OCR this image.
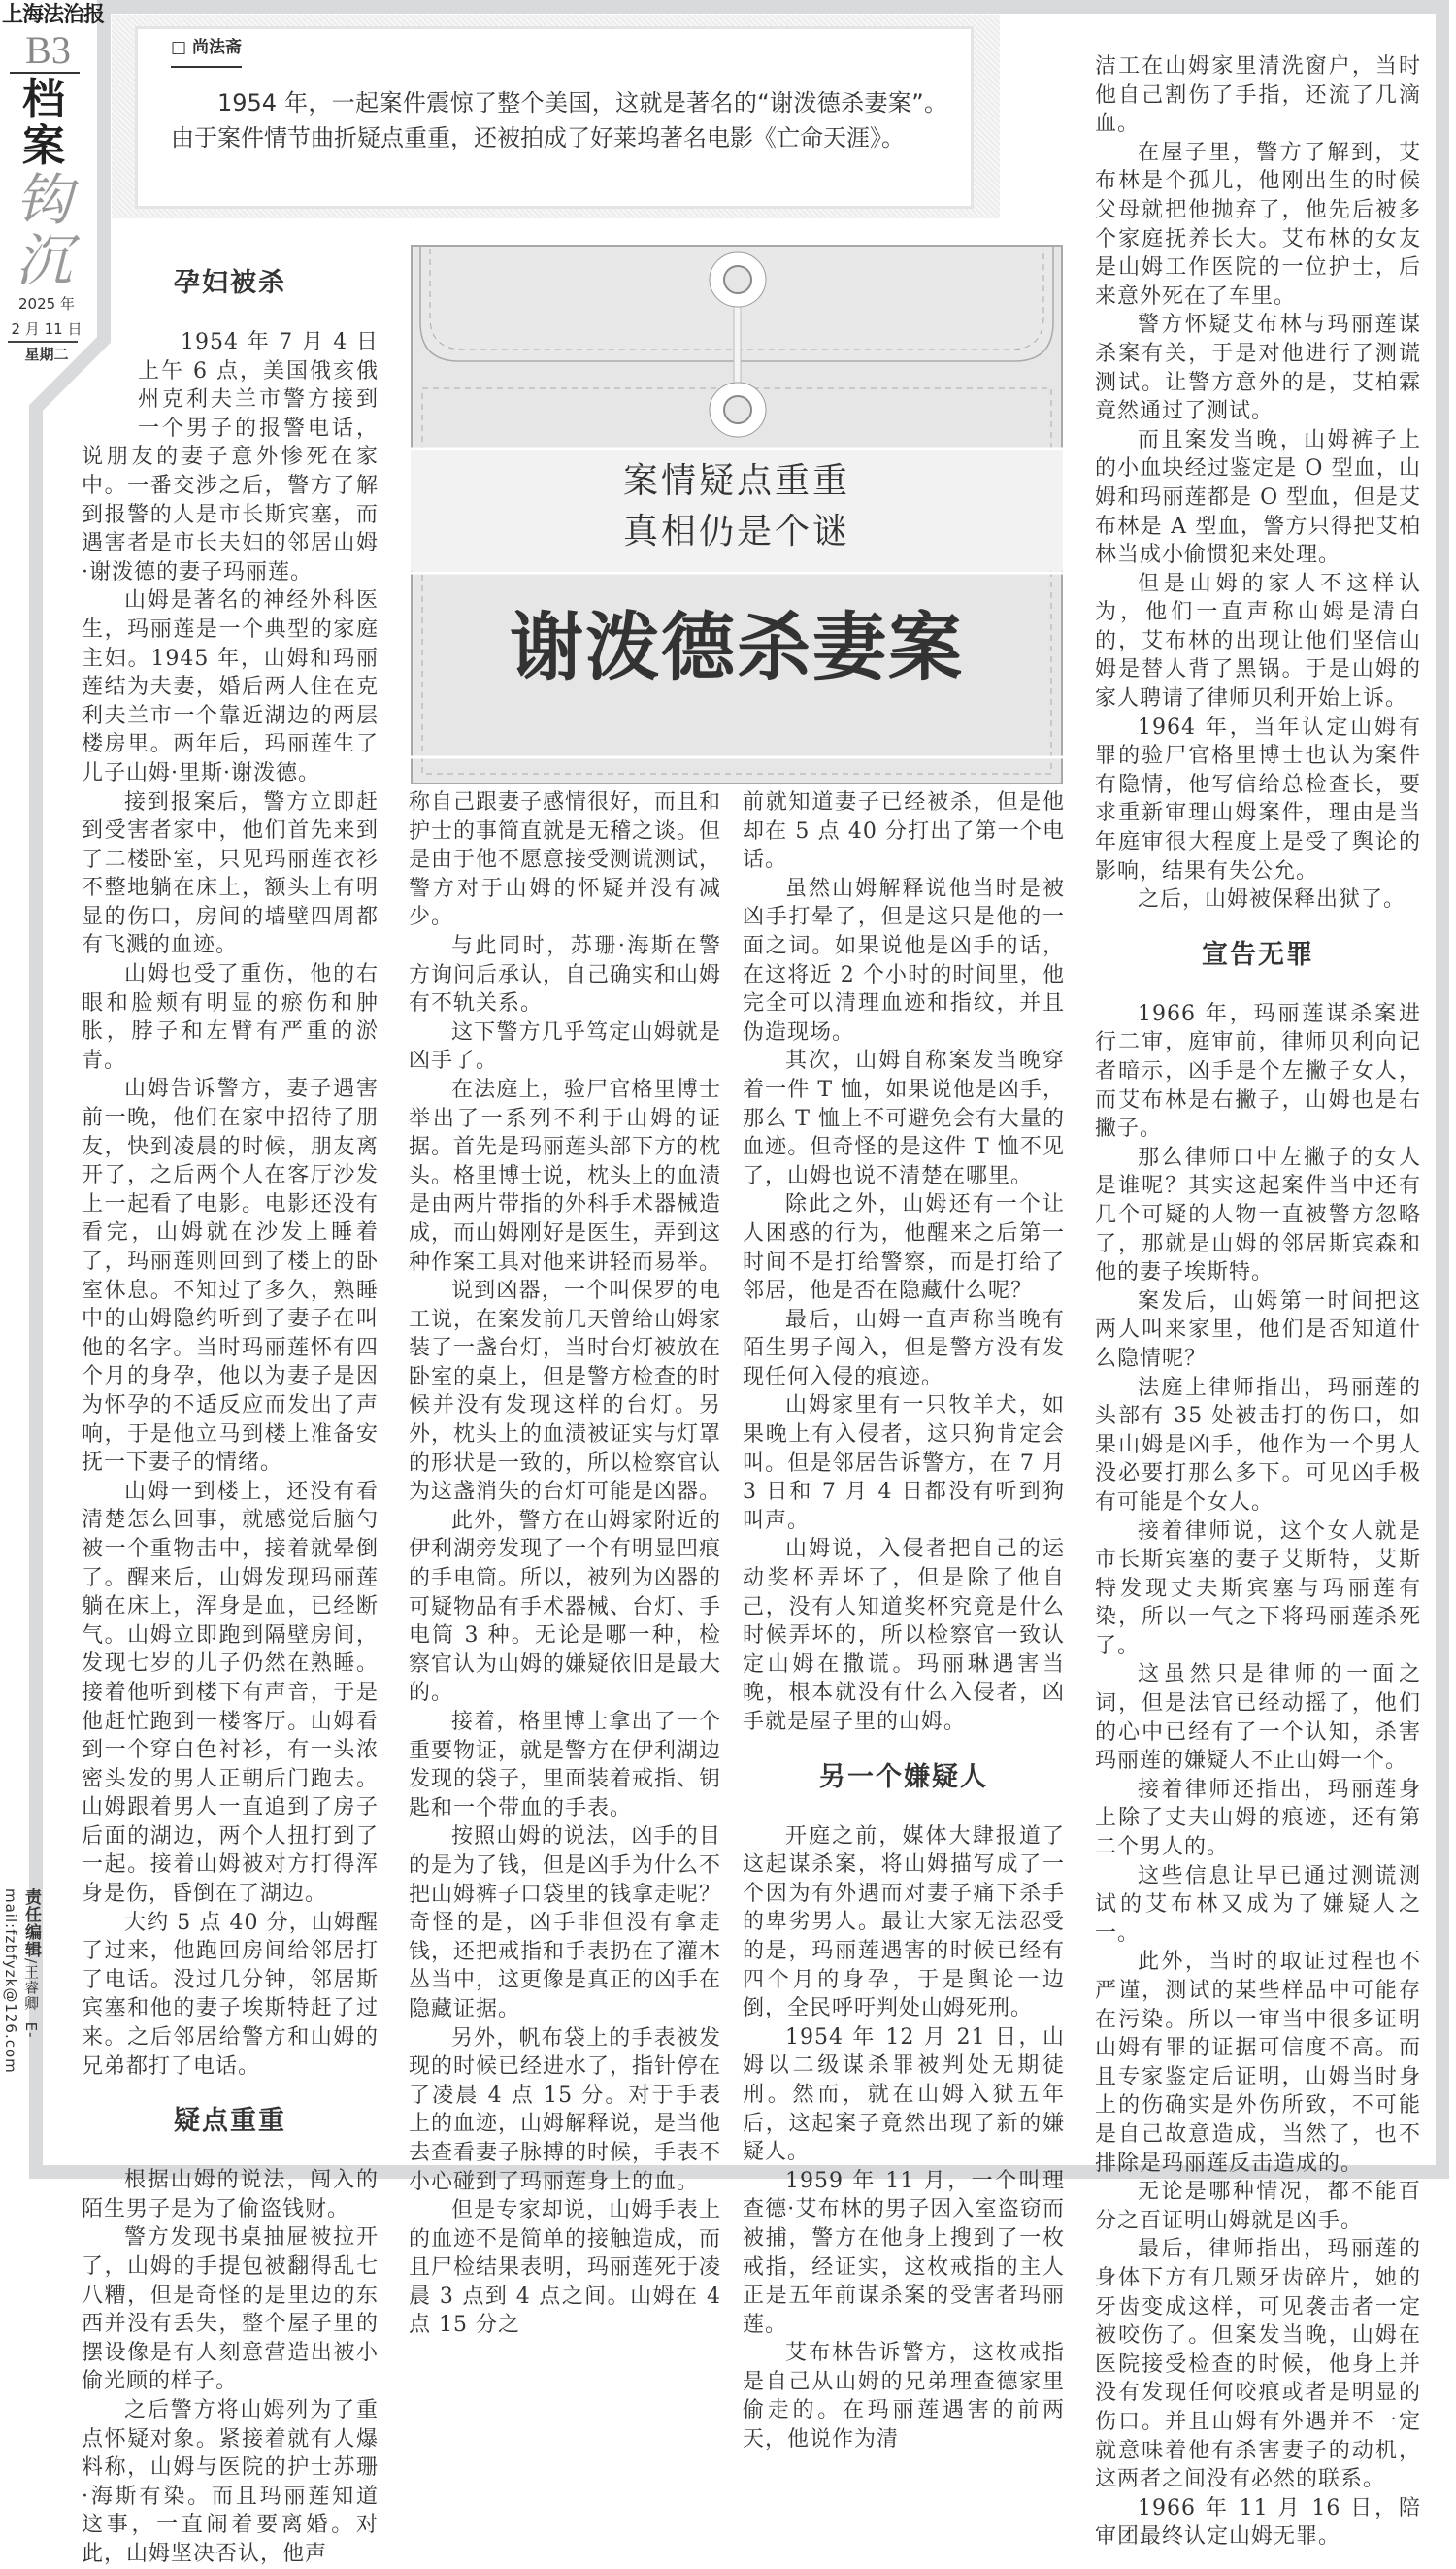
上海法治报
B3
档
案
钩
沉
2025 年
2 月 11 日
星期二
责任编辑/王睿卿  E-mail:fzbfyzk@126.com
□ 尚法斋
1954 年，一起案件震惊了整个美国，这就是著名的“谢泼德杀妻案”。由于案件情节曲折疑点重重，还被拍成了好莱坞著名电影《亡命天涯》。
案情疑点重重
真相仍是个谜
谢泼德杀妻案
孕妇被杀

1954 年 7 月 4 日上午 6 点，美国俄亥俄州克利夫兰市警方接到一个男子的报警电话，说朋友的妻子意外惨死在家中。一番交涉之后，警方了解到报警的人是市长斯宾塞，而遇害者是市长夫妇的邻居山姆·谢泼德的妻子玛丽莲。

山姆是著名的神经外科医生，玛丽莲是一个典型的家庭主妇。1945 年，山姆和玛丽莲结为夫妻，婚后两人住在克利夫兰市一个靠近湖边的两层楼房里。两年后，玛丽莲生了儿子山姆·里斯·谢泼德。

接到报案后，警方立即赶到受害者家中，他们首先来到了二楼卧室，只见玛丽莲衣衫不整地躺在床上，额头上有明显的伤口，房间的墙壁四周都有飞溅的血迹。

山姆也受了重伤，他的右眼和脸颊有明显的瘀伤和肿胀，脖子和左臂有严重的淤青。

山姆告诉警方，妻子遇害前一晚，他们在家中招待了朋友，快到凌晨的时候，朋友离开了，之后两个人在客厅沙发上一起看了电影。电影还没有看完，山姆就在沙发上睡着了，玛丽莲则回到了楼上的卧室休息。不知过了多久，熟睡中的山姆隐约听到了妻子在叫他的名字。当时玛丽莲怀有四个月的身孕，他以为妻子是因为怀孕的不适反应而发出了声响，于是他立马到楼上准备安抚一下妻子的情绪。

山姆一到楼上，还没有看清楚怎么回事，就感觉后脑勺被一个重物击中，接着就晕倒了。醒来后，山姆发现玛丽莲躺在床上，浑身是血，已经断气。山姆立即跑到隔壁房间，发现七岁的儿子仍然在熟睡。接着他听到楼下有声音，于是他赶忙跑到一楼客厅。山姆看到一个穿白色衬衫，有一头浓密头发的男人正朝后门跑去。山姆跟着男人一直追到了房子后面的湖边，两个人扭打到了一起。接着山姆被对方打得浑身是伤，昏倒在了湖边。

大约 5 点 40 分，山姆醒了过来，他跑回房间给邻居打了电话。没过几分钟，邻居斯宾塞和他的妻子埃斯特赶了过来。之后邻居给警方和山姆的兄弟都打了电话。

疑点重重

根据山姆的说法，闯入的陌生男子是为了偷盗钱财。

警方发现书桌抽屉被拉开了，山姆的手提包被翻得乱七八糟，但是奇怪的是里边的东西并没有丢失，整个屋子里的摆设像是有人刻意营造出被小偷光顾的样子。

之后警方将山姆列为了重点怀疑对象。紧接着就有人爆料称，山姆与医院的护士苏珊·海斯有染。而且玛丽莲知道这事，一直闹着要离婚。对此，山姆坚决否认，他声

称自己跟妻子感情很好，而且和护士的事简直就是无稽之谈。但是由于他不愿意接受测谎测试，警方对于山姆的怀疑并没有减少。

与此同时，苏珊·海斯在警方询问后承认，自己确实和山姆有不轨关系。

这下警方几乎笃定山姆就是凶手了。

在法庭上，验尸官格里博士举出了一系列不利于山姆的证据。首先是玛丽莲头部下方的枕头。格里博士说，枕头上的血渍是由两片带指的外科手术器械造成，而山姆刚好是医生，弄到这种作案工具对他来讲轻而易举。

说到凶器，一个叫保罗的电工说，在案发前几天曾给山姆家装了一盏台灯，当时台灯被放在卧室的桌上，但是警方检查的时候并没有发现这样的台灯。另外，枕头上的血渍被证实与灯罩的形状是一致的，所以检察官认为这盏消失的台灯可能是凶器。

此外，警方在山姆家附近的伊利湖旁发现了一个有明显凹痕的手电筒。所以，被列为凶器的可疑物品有手术器械、台灯、手电筒 3 种。无论是哪一种，检察官认为山姆的嫌疑依旧是最大的。

接着，格里博士拿出了一个重要物证，就是警方在伊利湖边发现的袋子，里面装着戒指、钥匙和一个带血的手表。

按照山姆的说法，凶手的目的是为了钱，但是凶手为什么不把山姆裤子口袋里的钱拿走呢？奇怪的是，凶手非但没有拿走钱，还把戒指和手表扔在了灌木丛当中，这更像是真正的凶手在隐藏证据。

另外，帆布袋上的手表被发现的时候已经进水了，指针停在了凌晨 4 点 15 分。对于手表上的血迹，山姆解释说，是当他去查看妻子脉搏的时候，手表不小心碰到了玛丽莲身上的血。

但是专家却说，山姆手表上的血迹不是简单的接触造成，而且尸检结果表明，玛丽莲死于凌晨 3 点到 4 点之间。山姆在 4 点 15 分之

前就知道妻子已经被杀，但是他却在 5 点 40 分打出了第一个电话。

虽然山姆解释说他当时是被凶手打晕了，但是这只是他的一面之词。如果说他是凶手的话，在这将近 2 个小时的时间里，他完全可以清理血迹和指纹，并且伪造现场。

其次，山姆自称案发当晚穿着一件 T 恤，如果说他是凶手，那么 T 恤上不可避免会有大量的血迹。但奇怪的是这件 T 恤不见了，山姆也说不清楚在哪里。

除此之外，山姆还有一个让人困惑的行为，他醒来之后第一时间不是打给警察，而是打给了邻居，他是否在隐藏什么呢？

最后，山姆一直声称当晚有陌生男子闯入，但是警方没有发现任何入侵的痕迹。

山姆家里有一只牧羊犬，如果晚上有入侵者，这只狗肯定会叫。但是邻居告诉警方，在 7 月 3 日和 7 月 4 日都没有听到狗叫声。

山姆说，入侵者把自己的运动奖杯弄坏了，但是除了他自己，没有人知道奖杯究竟是什么时候弄坏的，所以检察官一致认定山姆在撒谎。玛丽琳遇害当晚，根本就没有什么入侵者，凶手就是屋子里的山姆。

另一个嫌疑人

开庭之前，媒体大肆报道了这起谋杀案，将山姆描写成了一个因为有外遇而对妻子痛下杀手的卑劣男人。最让大家无法忍受的是，玛丽莲遇害的时候已经有四个月的身孕，于是舆论一边倒，全民呼吁判处山姆死刑。

1954 年 12 月 21 日，山姆以二级谋杀罪被判处无期徒刑。然而，就在山姆入狱五年后，这起案子竟然出现了新的嫌疑人。

1959 年 11 月，一个叫理查德·艾布林的男子因入室盗窃而被捕，警方在他身上搜到了一枚戒指，经证实，这枚戒指的主人正是五年前谋杀案的受害者玛丽莲。

艾布林告诉警方，这枚戒指是自己从山姆的兄弟理查德家里偷走的。在玛丽莲遇害的前两天，他说作为清

洁工在山姆家里清洗窗户，当时他自己割伤了手指，还流了几滴血。

在屋子里，警方了解到，艾布林是个孤儿，他刚出生的时候父母就把他抛弃了，他先后被多个家庭抚养长大。艾布林的女友是山姆工作医院的一位护士，后来意外死在了车里。

警方怀疑艾布林与玛丽莲谋杀案有关，于是对他进行了测谎测试。让警方意外的是，艾柏霖竟然通过了测试。

而且案发当晚，山姆裤子上的小血块经过鉴定是 O 型血，山姆和玛丽莲都是 O 型血，但是艾布林是 A 型血，警方只得把艾柏林当成小偷惯犯来处理。

但是山姆的家人不这样认为，他们一直声称山姆是清白的，艾布林的出现让他们坚信山姆是替人背了黑锅。于是山姆的家人聘请了律师贝利开始上诉。

1964 年，当年认定山姆有罪的验尸官格里博士也认为案件有隐情，他写信给总检查长，要求重新审理山姆案件，理由是当年庭审很大程度上是受了舆论的影响，结果有失公允。

之后，山姆被保释出狱了。

宣告无罪

1966 年，玛丽莲谋杀案进行二审，庭审前，律师贝利向记者暗示，凶手是个左撇子女人，而艾布林是右撇子，山姆也是右撇子。

那么律师口中左撇子的女人是谁呢？其实这起案件当中还有几个可疑的人物一直被警方忽略了，那就是山姆的邻居斯宾森和他的妻子埃斯特。

案发后，山姆第一时间把这两人叫来家里，他们是否知道什么隐情呢？

法庭上律师指出，玛丽莲的头部有 35 处被击打的伤口，如果山姆是凶手，他作为一个男人没必要打那么多下。可见凶手极有可能是个女人。

接着律师说，这个女人就是市长斯宾塞的妻子艾斯特，艾斯特发现丈夫斯宾塞与玛丽莲有染，所以一气之下将玛丽莲杀死了。

这虽然只是律师的一面之词，但是法官已经动摇了，他们的心中已经有了一个认知，杀害玛丽莲的嫌疑人不止山姆一个。

接着律师还指出，玛丽莲身上除了丈夫山姆的痕迹，还有第二个男人的。

这些信息让早已通过测谎测试的艾布林又成为了嫌疑人之一。

此外，当时的取证过程也不严谨，测试的某些样品中可能存在污染。所以一审当中很多证明山姆有罪的证据可信度不高。而且专家鉴定后证明，山姆当时身上的伤确实是外伤所致，不可能是自己故意造成，当然了，也不排除是玛丽莲反击造成的。

无论是哪种情况，都不能百分之百证明山姆就是凶手。

最后，律师指出，玛丽莲的身体下方有几颗牙齿碎片，她的牙齿变成这样，可见袭击者一定被咬伤了。但案发当晚，山姆在医院接受检查的时候，他身上并没有发现任何咬痕或者是明显的伤口。并且山姆有外遇并不一定就意味着他有杀害妻子的动机，这两者之间没有必然的联系。

1966 年 11 月 16 日，陪审团最终认定山姆无罪。
